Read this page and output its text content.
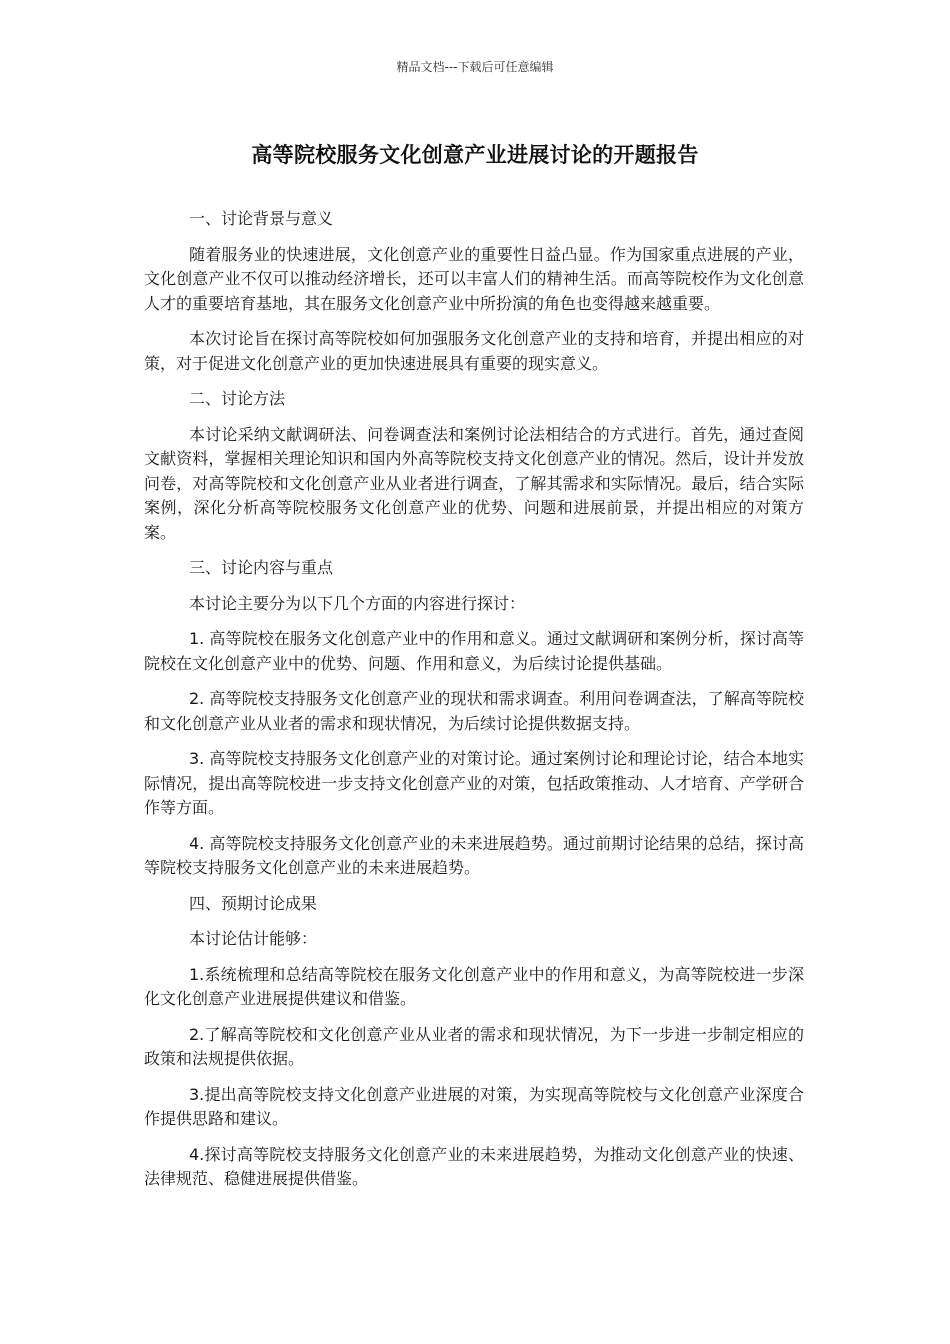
精品文档---下载后可任意编辑
高等院校服务文化创意产业进展讨论的开题报告
一、讨论背景与意义
随着服务业的快速进展，文化创意产业的重要性日益凸显。作为国家重点进展的产业，文化创意产业不仅可以推动经济增长，还可以丰富人们的精神生活。而高等院校作为文化创意人才的重要培育基地，其在服务文化创意产业中所扮演的角色也变得越来越重要。
本次讨论旨在探讨高等院校如何加强服务文化创意产业的支持和培育，并提出相应的对策，对于促进文化创意产业的更加快速进展具有重要的现实意义。
二、讨论方法
本讨论采纳文献调研法、问卷调查法和案例讨论法相结合的方式进行。首先，通过查阅文献资料，掌握相关理论知识和国内外高等院校支持文化创意产业的情况。然后，设计并发放问卷，对高等院校和文化创意产业从业者进行调查，了解其需求和实际情况。最后，结合实际案例，深化分析高等院校服务文化创意产业的优势、问题和进展前景，并提出相应的对策方案。
三、讨论内容与重点
本讨论主要分为以下几个方面的内容进行探讨：
1. 高等院校在服务文化创意产业中的作用和意义。通过文献调研和案例分析，探讨高等院校在文化创意产业中的优势、问题、作用和意义，为后续讨论提供基础。
2. 高等院校支持服务文化创意产业的现状和需求调查。利用问卷调查法，了解高等院校和文化创意产业从业者的需求和现状情况，为后续讨论提供数据支持。
3. 高等院校支持服务文化创意产业的对策讨论。通过案例讨论和理论讨论，结合本地实际情况，提出高等院校进一步支持文化创意产业的对策，包括政策推动、人才培育、产学研合作等方面。
4. 高等院校支持服务文化创意产业的未来进展趋势。通过前期讨论结果的总结，探讨高等院校支持服务文化创意产业的未来进展趋势。
四、预期讨论成果
本讨论估计能够：
1.系统梳理和总结高等院校在服务文化创意产业中的作用和意义，为高等院校进一步深化文化创意产业进展提供建议和借鉴。
2.了解高等院校和文化创意产业从业者的需求和现状情况，为下一步进一步制定相应的政策和法规提供依据。
3.提出高等院校支持文化创意产业进展的对策，为实现高等院校与文化创意产业深度合作提供思路和建议。
4.探讨高等院校支持服务文化创意产业的未来进展趋势，为推动文化创意产业的快速、法律规范、稳健进展提供借鉴。
